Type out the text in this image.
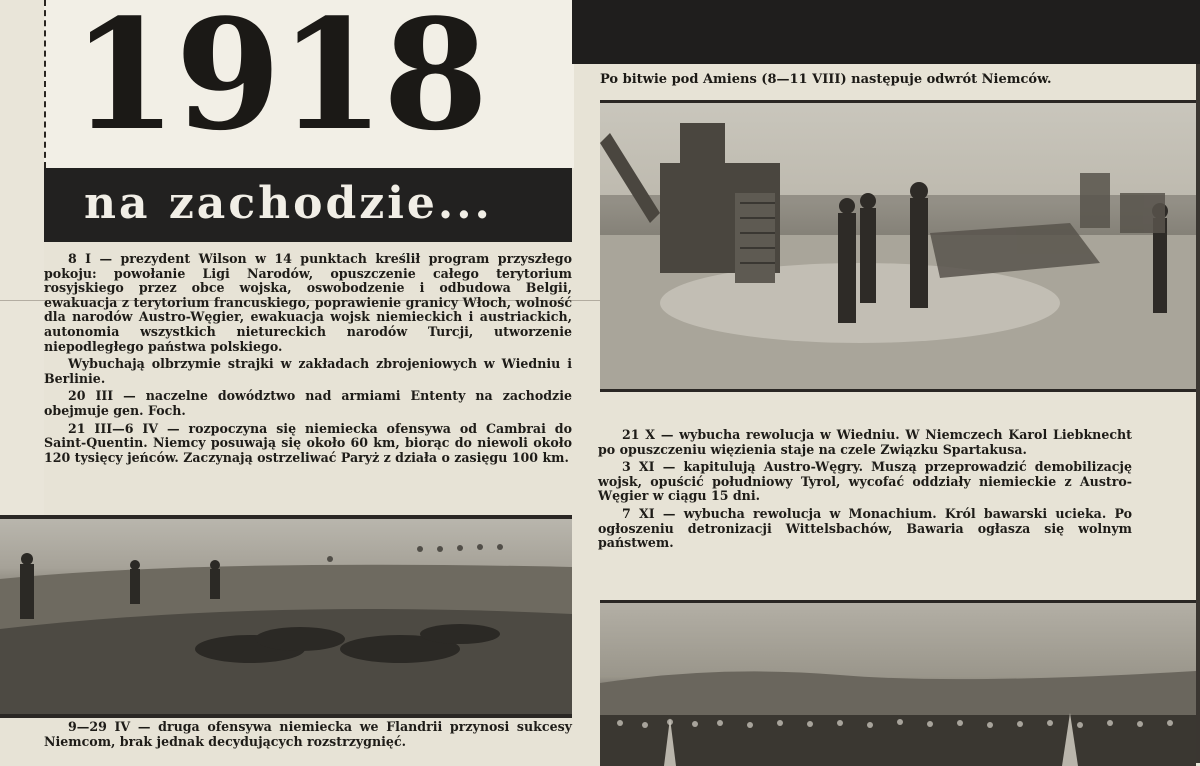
1918
na zachodzie...

8 I — prezydent Wilson w 14 punktach kreślił program przyszłego pokoju: powołanie Ligi Narodów, opuszczenie całego terytorium rosyjskiego przez obce wojska, oswobodzenie i odbudowa Belgii, ewakuacja z terytorium francuskiego, poprawienie granicy Włoch, wolność dla narodów Austro-Węgier, ewakuacja wojsk niemieckich i austriackich, autonomia wszystkich nietureckich narodów Turcji, utworzenie niepodległego państwa polskiego.

Wybuchają olbrzymie strajki w zakładach zbrojeniowych w Wiedniu i Berlinie.

20 III — naczelne dowództwo nad armiami Ententy na zachodzie obejmuje gen. Foch.

21 III—6 IV — rozpoczyna się niemiecka ofensywa od Cambrai do Saint-Quentin. Niemcy posuwają się około 60 km, biorąc do niewoli około 120 tysięcy jeńców. Zaczynają ostrzeliwać Paryż z działa o zasięgu 100 km.

Po bitwie pod Amiens (8—11 VIII) następuje odwrót Niemców.

21 X — wybucha rewolucja w Wiedniu. W Niemczech Karol Liebknecht po opuszczeniu więzienia staje na czele Związku Spartakusa.

3 XI — kapitulują Austro-Węgry. Muszą przeprowadzić demobilizację wojsk, opuścić południowy Tyrol, wycofać oddziały niemieckie z Austro-Węgier w ciągu 15 dni.

7 XI — wybucha rewolucja w Monachium. Król bawarski ucieka. Po ogłoszeniu detronizacji Wittelsbachów, Bawaria ogłasza się wolnym państwem.

9—29 IV — druga ofensywa niemiecka we Flandrii przynosi sukcesy Niemcom, brak jednak decydujących rozstrzygnięć.
